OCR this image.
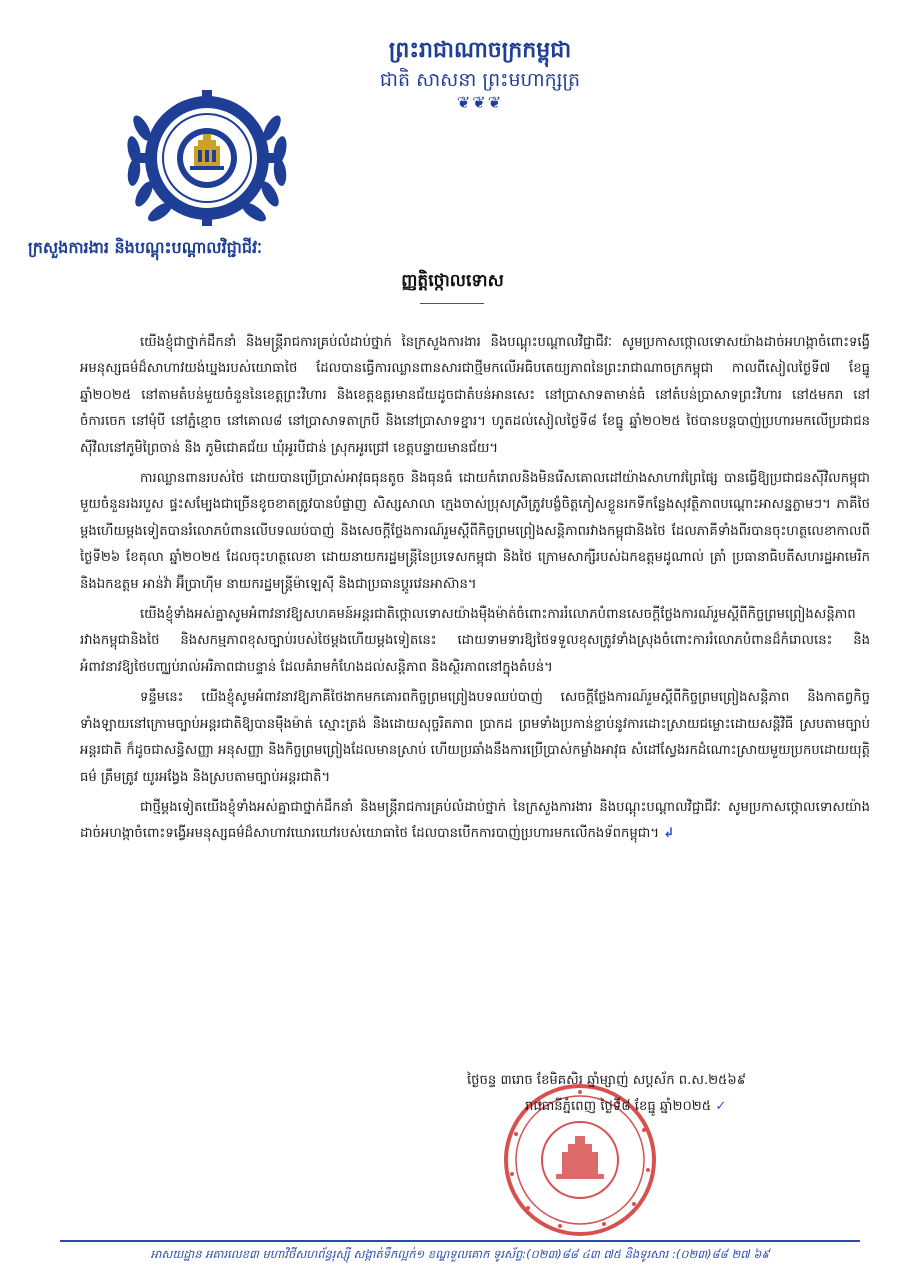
ព្រះរាជាណាចក្រកម្ពុជា
ជាតិ សាសនា ព្រះមហាក្សត្រ
❦❦❦
ក្រសួងការងារ និងបណ្ដុះបណ្ដាលវិជ្ជាជីវៈ
ញ្ញត្តិថ្កោលទោស

យើងខ្ញុំជាថ្នាក់ដឹកនាំ និងមន្រ្តីរាជការគ្រប់លំដាប់ថ្នាក់ នៃក្រសួងការងារ និងបណ្តុះបណ្តាលវិជ្ជាជីវៈ សូមប្រកាសថ្កោលទោសយ៉ាងដាច់អហង្កាចំពោះទង្វើអមនុស្សធម៌ដ៏សាហាវយង់ឃ្នងរបស់យោធាថៃ ដែលបានធ្វើការឈ្លានពានសារជាថ្មីមកលើអធិបតេយ្យភាពនៃព្រះរាជាណាចក្រកម្ពុជា កាលពីសៀលថ្ងៃទី៧ ខែធ្នូ ឆ្នាំ២០២៥ នៅតាមតំបន់មួយចំនួននៃខេត្តព្រះវិហារ និងខេត្តឧត្តរមានជ័យដូចជាតំបន់អានសេះ នៅប្រាសាទតាមាន់ធំ នៅតំបន់ប្រាសាទព្រះវិហារ នៅ៥មករា នៅចំការចេក នៅមុំបី នៅភ្នំខ្មោច នៅគោល៨ នៅប្រាសាទតាក្របី និងនៅប្រាសាទខ្នារ។ ហូតដល់សៀលថ្ងៃទី៨ ខែធ្នូ ឆ្នាំ២០២៥ ថៃបានបន្តបាញ់ប្រហារមកលើប្រជាជនស៊ីវិលនៅភូមិព្រៃចាន់ និង ភូមិជោគជ័យ ឃុំអូរបីជាន់ ស្រុកអូរជ្រៅ ខេត្តបន្ទាយមានជ័យ។

ការឈ្លានពានរបស់ថៃ ដោយបានប្រើប្រាស់អាវុធធុនតូច និងធុនធំ ដោយកំរោលនិងមិនរើសគោលដៅយ៉ាងសាហាវព្រៃផ្សៃ បានធ្វើឱ្យប្រជាជនស៊ីវិលកម្ពុជាមួយចំនួនរងរបួស ផ្ទះសម្បែងជាច្រើនខូចខាតត្រូវបានបំផ្លាញ សិស្សសាលា ក្មេងចាស់ប្រុសស្រីត្រូវបង្ខំចិត្តភៀសខ្លួនរកទីកន្លែងសុវត្ថិភាពបណ្តោះអាសន្នភ្លាមៗ។ ភាគីថៃម្តងហើយម្តងទៀតបានរំលោភបំពានលើបទឈប់បាញ់ និងសេចក្តីថ្លែងការណ៍រួមស្តីពីកិច្ចព្រមព្រៀងសន្តិភាពរវាងកម្ពុជានិងថៃ ដែលភាគីទាំងពីរបានចុះហត្ថលេខាកាលពីថ្ងៃទី២៦ ខែតុលា ឆ្នាំ២០២៥ ដែលចុះហត្ថលេខា ដោយនាយករដ្ឋមន្ត្រីនៃប្រទេសកម្ពុជា និងថៃ ក្រោមសាក្សីរបស់ឯកឧត្តមដូណាល់ ត្រាំ ប្រធានាធិបតីសហរដ្ឋអាមេរិក និងឯកឧត្តម អាន់វ៉ា អ៊ីប្រាហ៊ីម នាយករដ្ឋមន្ត្រីម៉ាឡេស៊ី និងជាប្រធានប្តូរវេនអាស៊ាន។

យើងខ្ញុំទាំងអស់គ្នាសូមអំពាវនាវឱ្យសហគមន៍អន្តរជាតិថ្កោលទោសយ៉ាងម៉ឺងម៉ាត់ចំពោះការរំលោភបំពានសេចក្តីថ្លែងការណ៍រួមស្តីពីកិច្ចព្រមព្រៀងសន្តិភាពរវាងកម្ពុជានិងថៃ និងសកម្មភាពខុសច្បាប់របស់ថៃម្តងហើយម្តងទៀតនេះ ដោយទាមទារឱ្យថៃទទួលខុសត្រូវទាំងស្រុងចំពោះការរំលោភបំពានដ៏កំរោលនេះ និងអំពាវនាវឱ្យថៃបញ្ឈប់រាល់អរិភាពជាបន្ទាន់ ដែលគំរាមកំហែងដល់សន្តិភាព និងស្ថិរភាពនៅក្នុងតំបន់។

ទន្ទឹមនេះ យើងខ្ញុំសូមអំពាវនាវឱ្យភាគីថៃងាកមកគោរពកិច្ចព្រមព្រៀងបទឈប់បាញ់ សេចក្តីថ្លែងការណ៍រួមស្តីពីកិច្ចព្រមព្រៀងសន្តិភាព និងកាតព្វកិច្ចទាំងឡាយនៅក្រោមច្បាប់អន្តរជាតិឱ្យបានម៉ឺងម៉ាត់ ស្មោះត្រង់ និងដោយសុច្ចរិតភាព ប្រាកដ ព្រមទាំងប្រកាន់ខ្ជាប់នូវការដោះស្រាយជម្លោះដោយសន្តិវិធី ស្របតាមច្បាប់អន្តរជាតិ ក៏ដូចជាសន្ធិសញ្ញា អនុសញ្ញា និងកិច្ចព្រមព្រៀងដែលមានស្រាប់ ហើយប្រឆាំងនឹងការប្រើប្រាស់កម្លាំងអាវុធ សំដៅស្វែងរកដំណោះស្រាយមួយប្រកបដោយយុត្តិធម៌ ត្រឹមត្រូវ យូរអង្វែង និងស្របតាមច្បាប់អន្តរជាតិ។

ជាថ្មីម្តងទៀតយើងខ្ញុំទាំងអស់គ្នាជាថ្នាក់ដឹកនាំ និងមន្រ្តីរាជការគ្រប់លំដាប់ថ្នាក់ នៃក្រសួងការងារ និងបណ្តុះបណ្តាលវិជ្ជាជីវៈ សូមប្រកាសថ្កោលទោសយ៉ាងដាច់អហង្កាចំពោះទង្វើអមនុស្សធម៌ដ៏សាហាវឃោរឃៅរបស់យោធាថៃ ដែលបានបើកការបាញ់ប្រហារមកលើកងទ័ពកម្ពុជា។ ↲

ថ្ងៃចន្ទ ៣រោច ខែមិគសិរ ឆ្នាំម្សាញ់ សប្តស័ក ព.ស.២៥៦៩
រាជធានីភ្នំពេញ ថ្ងៃទី៨ ខែធ្នូ ឆ្នាំ២០២៥ ✓
អាសយដ្ឋាន អគារលេខ៣ មហាវិថីសហព័ន្ធរុស្ស៊ី សង្កាត់ទឹកល្អក់១ ខណ្ឌទួលគោក ទូរស័ព្ទ:(០២៣)៨៨ ៤៣ ៧៥ និងទូរសារ :(០២៣)៨៨ ២៧ ៦៩
